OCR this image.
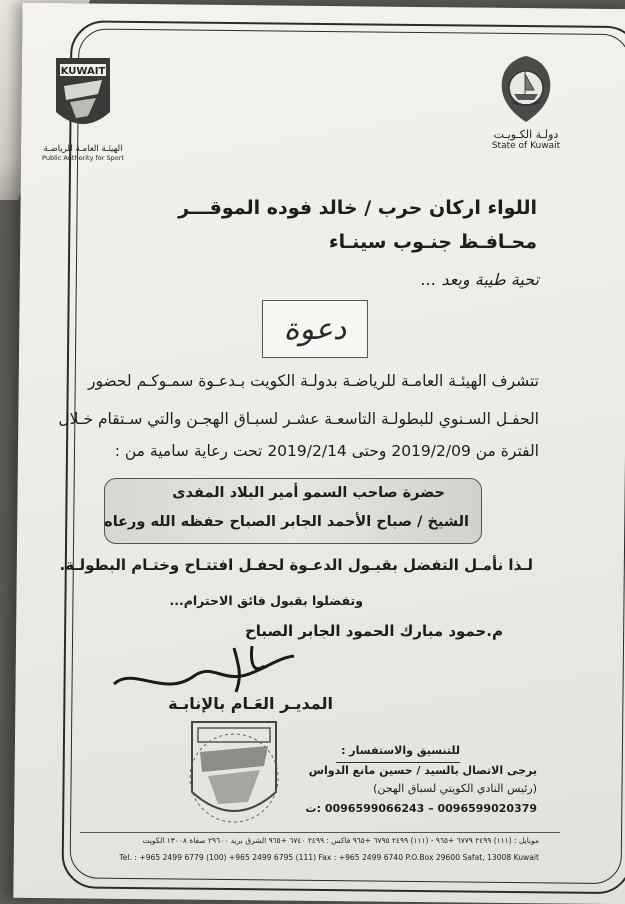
دولـة الكـويـت
State of Kuwait
KUWAIT
الهيئـة العامـة للرياضـة
Public Authority for Sport
اللواء اركان حرب / خالد فوده الموقـــر
محـافـظ جنـوب سينـاء
تحية طيبة وبعد ...
دعوة
تتشرف الهيئـة العامـة للرياضـة بدولـة الكويت بـدعـوة سمـوكـم لحضور
الحفـل السـنوي للبطولـة التاسعـة عشـر لسبـاق الهجـن والتي سـتقام خـلال
الفترة من 2019/2/09 وحتى 2019/2/14 تحت رعاية سامية من :
حضرة صاحب السمو أمير البلاد المفدى
الشيخ / صباح الأحمد الجابر الصباح حفظه الله ورعاه
لـذا نأمـل التفضل بقبـول الدعـوة لحفـل افتتـاح وختـام البطولـة.
وتفضلوا بقبول فائق الاحترام...
م.حمود مبارك الحمود الجابر الصباح
المديـر العَـام بالإنابـة
للتنسيق والاستفسار :
يرجى الاتصال بالسيد / حسين مانع الدواس
(رئيس النادي الكويتي لسباق الهجن)
0096599020379 – 0096599066243 :ت
موبايل : (١١١) ٢٤٩٩ ٦٧٧٩ +٩٦٥ - (١١١) ٢٤٩٩ ٦٧٩٥ +٩٦٥ فاكس : ٢٤٩٩ ٦٧٤٠ +٩٦٥ الشرق بريد ٢٩٦٠٠ صفاة ١٣٠٠٨ الكويت
Tel. : +965 2499 6779 (100) +965 2499 6795 (111) Fax : +965 2499 6740 P.O.Box 29600 Safat, 13008 Kuwait
